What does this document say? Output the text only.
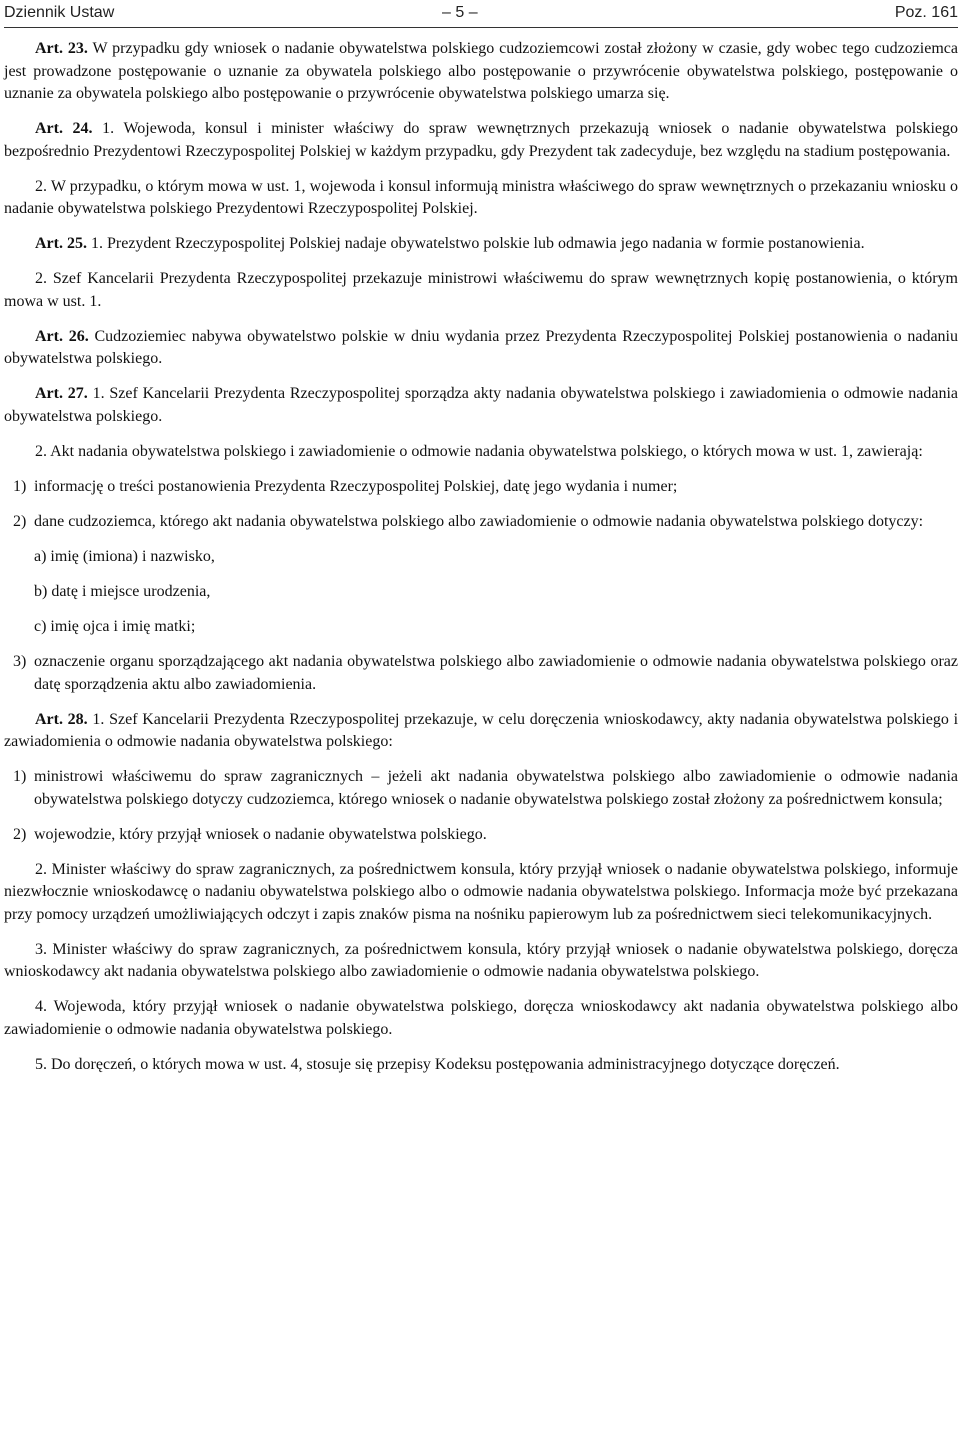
Dziennik Ustaw	– 5 –	Poz. 161

Art. 23. W przypadku gdy wniosek o nadanie obywatelstwa polskiego cudzoziemcowi został złożony w czasie, gdy wobec tego cudzoziemca jest prowadzone postępowanie o uznanie za obywatela polskiego albo postępowanie o przywrócenie obywatelstwa polskiego, postępowanie o uznanie za obywatela polskiego albo postępowanie o przywrócenie obywatelstwa polskiego umarza się.

Art. 24. 1. Wojewoda, konsul i minister właściwy do spraw wewnętrznych przekazują wniosek o nadanie obywatelstwa polskiego bezpośrednio Prezydentowi Rzeczypospolitej Polskiej w każdym przypadku, gdy Prezydent tak zadecyduje, bez względu na stadium postępowania.

2. W przypadku, o którym mowa w ust. 1, wojewoda i konsul informują ministra właściwego do spraw wewnętrznych o przekazaniu wniosku o nadanie obywatelstwa polskiego Prezydentowi Rzeczypospolitej Polskiej.

Art. 25. 1. Prezydent Rzeczypospolitej Polskiej nadaje obywatelstwo polskie lub odmawia jego nadania w formie postanowienia.

2. Szef Kancelarii Prezydenta Rzeczypospolitej przekazuje ministrowi właściwemu do spraw wewnętrznych kopię postanowienia, o którym mowa w ust. 1.

Art. 26. Cudzoziemiec nabywa obywatelstwo polskie w dniu wydania przez Prezydenta Rzeczypospolitej Polskiej postanowienia o nadaniu obywatelstwa polskiego.

Art. 27. 1. Szef Kancelarii Prezydenta Rzeczypospolitej sporządza akty nadania obywatelstwa polskiego i zawiadomienia o odmowie nadania obywatelstwa polskiego.

2. Akt nadania obywatelstwa polskiego i zawiadomienie o odmowie nadania obywatelstwa polskiego, o których mowa w ust. 1, zawierają:

1) informację o treści postanowienia Prezydenta Rzeczypospolitej Polskiej, datę jego wydania i numer;
2) dane cudzoziemca, którego akt nadania obywatelstwa polskiego albo zawiadomienie o odmowie nadania obywatelstwa polskiego dotyczy:
a) imię (imiona) i nazwisko,
b) datę i miejsce urodzenia,
c) imię ojca i imię matki;
3) oznaczenie organu sporządzającego akt nadania obywatelstwa polskiego albo zawiadomienie o odmowie nadania obywatelstwa polskiego oraz datę sporządzenia aktu albo zawiadomienia.

Art. 28. 1. Szef Kancelarii Prezydenta Rzeczypospolitej przekazuje, w celu doręczenia wnioskodawcy, akty nadania obywatelstwa polskiego i zawiadomienia o odmowie nadania obywatelstwa polskiego:

1) ministrowi właściwemu do spraw zagranicznych – jeżeli akt nadania obywatelstwa polskiego albo zawiadomienie o odmowie nadania obywatelstwa polskiego dotyczy cudzoziemca, którego wniosek o nadanie obywatelstwa polskiego został złożony za pośrednictwem konsula;
2) wojewodzie, który przyjął wniosek o nadanie obywatelstwa polskiego.

2. Minister właściwy do spraw zagranicznych, za pośrednictwem konsula, który przyjął wniosek o nadanie obywatelstwa polskiego, informuje niezwłocznie wnioskodawcę o nadaniu obywatelstwa polskiego albo o odmowie nadania obywatelstwa polskiego. Informacja może być przekazana przy pomocy urządzeń umożliwiających odczyt i zapis znaków pisma na nośniku papierowym lub za pośrednictwem sieci telekomunikacyjnych.

3. Minister właściwy do spraw zagranicznych, za pośrednictwem konsula, który przyjął wniosek o nadanie obywatelstwa polskiego, doręcza wnioskodawcy akt nadania obywatelstwa polskiego albo zawiadomienie o odmowie nadania obywatelstwa polskiego.

4. Wojewoda, który przyjął wniosek o nadanie obywatelstwa polskiego, doręcza wnioskodawcy akt nadania obywatelstwa polskiego albo zawiadomienie o odmowie nadania obywatelstwa polskiego.

5. Do doręczeń, o których mowa w ust. 4, stosuje się przepisy Kodeksu postępowania administracyjnego dotyczące doręczeń.
